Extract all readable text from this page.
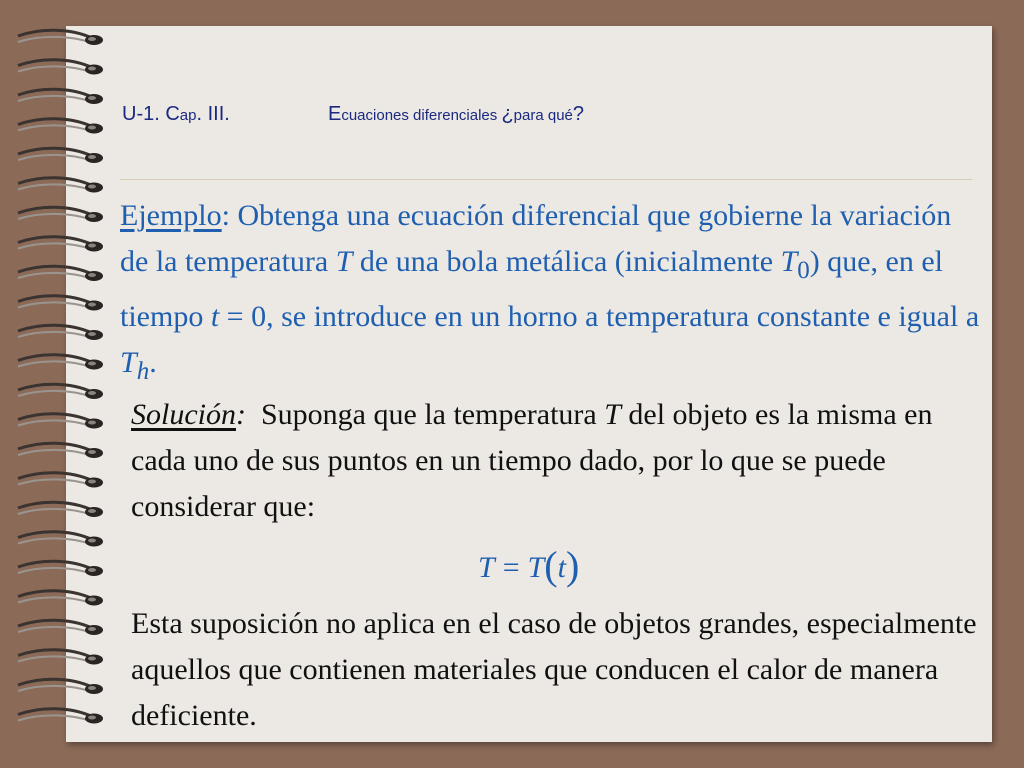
U-1. Cap. III.	Ecuaciones diferenciales ¿para qué?
Ejemplo: Obtenga una ecuación diferencial que gobierne la variación de la temperatura T de una bola metálica (inicialmente $T_0$) que, en el tiempo t = 0, se introduce en un horno a temperatura constante e igual a $T_h$.
Solución:  Suponga que la temperatura T del objeto es la misma en cada uno de sus puntos en un tiempo dado, por lo que se puede considerar que:
T = T(t)
Esta suposición no aplica en el caso de objetos grandes, especialmente aquellos que contienen materiales que conducen el calor de manera deficiente.
